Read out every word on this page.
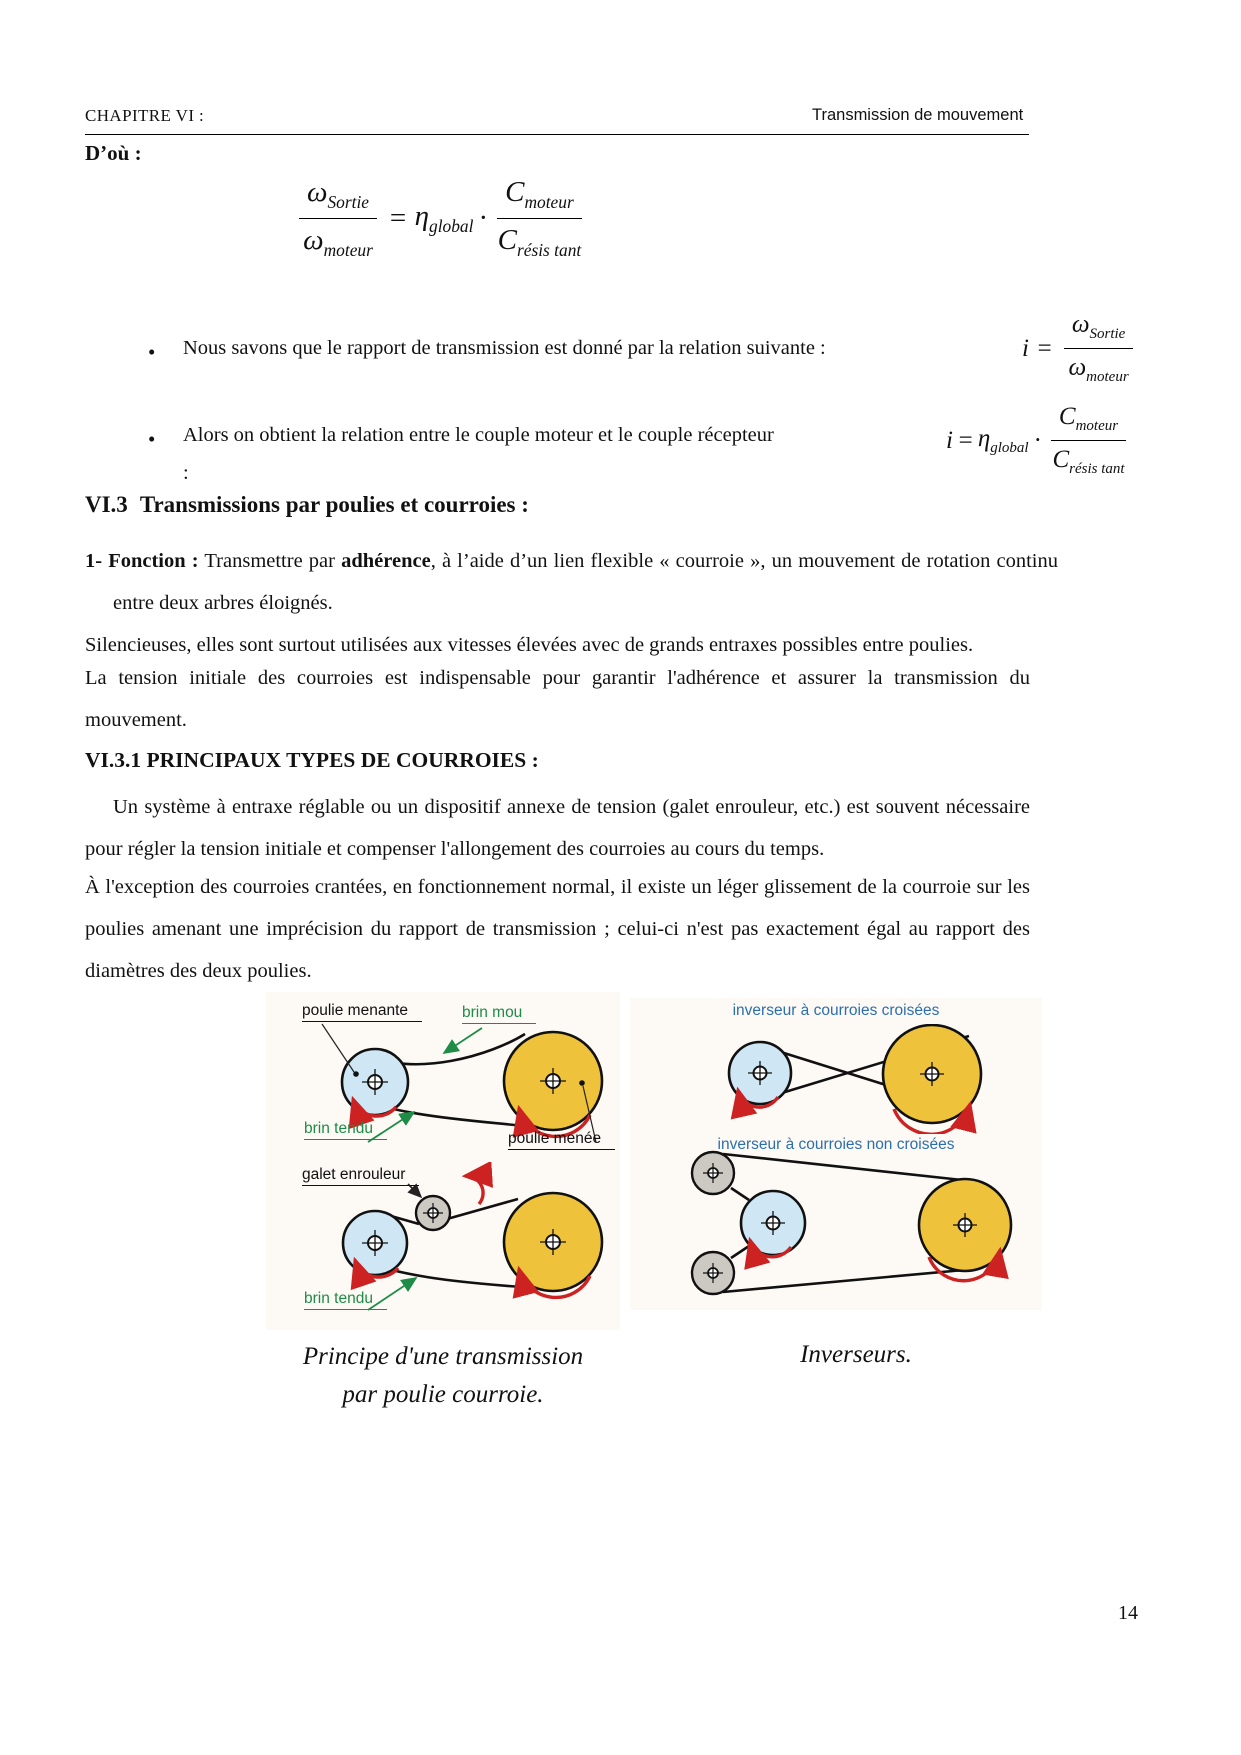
CHAPITRE VI :	Transmission de mouvement
D’où :
$\frac{\omega_{Sortie}}{\omega_{moteur}} = \eta_{global} \cdot \frac{C_{moteur}}{C_{résis tant}}$
• Nous savons que le rapport de transmission est donné par la relation suivante :	$i = \frac{\omega_{Sortie}}{\omega_{moteur}}$
• Alors on obtient la relation entre le couple moteur et le couple récepteur
:
$i = \eta_{global} \cdot \frac{C_{moteur}}{C_{résis tant}}$
VI.3 Transmissions par poulies et courroies :
1- Fonction : Transmettre par adhérence, à l’aide d’un lien flexible « courroie », un mouvement de rotation continu entre deux arbres éloignés.
Silencieuses, elles sont surtout utilisées aux vitesses élevées avec de grands entraxes possibles entre poulies.
La tension initiale des courroies est indispensable pour garantir l'adhérence et assurer la transmission du mouvement.
VI.3.1 PRINCIPAUX TYPES DE COURROIES :
Un système à entraxe réglable ou un dispositif annexe de tension (galet enrouleur, etc.) est souvent nécessaire pour régler la tension initiale et compenser l'allongement des courroies au cours du temps.
À l'exception des courroies crantées, en fonctionnement normal, il existe un léger glissement de la courroie sur les poulies amenant une imprécision du rapport de transmission ; celui-ci n'est pas exactement égal au rapport des diamètres des deux poulies.
poulie menante	brin mou
brin tendu
poulie menée
galet enrouleur
brin tendu
Principe d'une transmission
par poulie courroie.
inverseur à courroies croisées
inverseur à courroies non croisées
Inverseurs.
14
